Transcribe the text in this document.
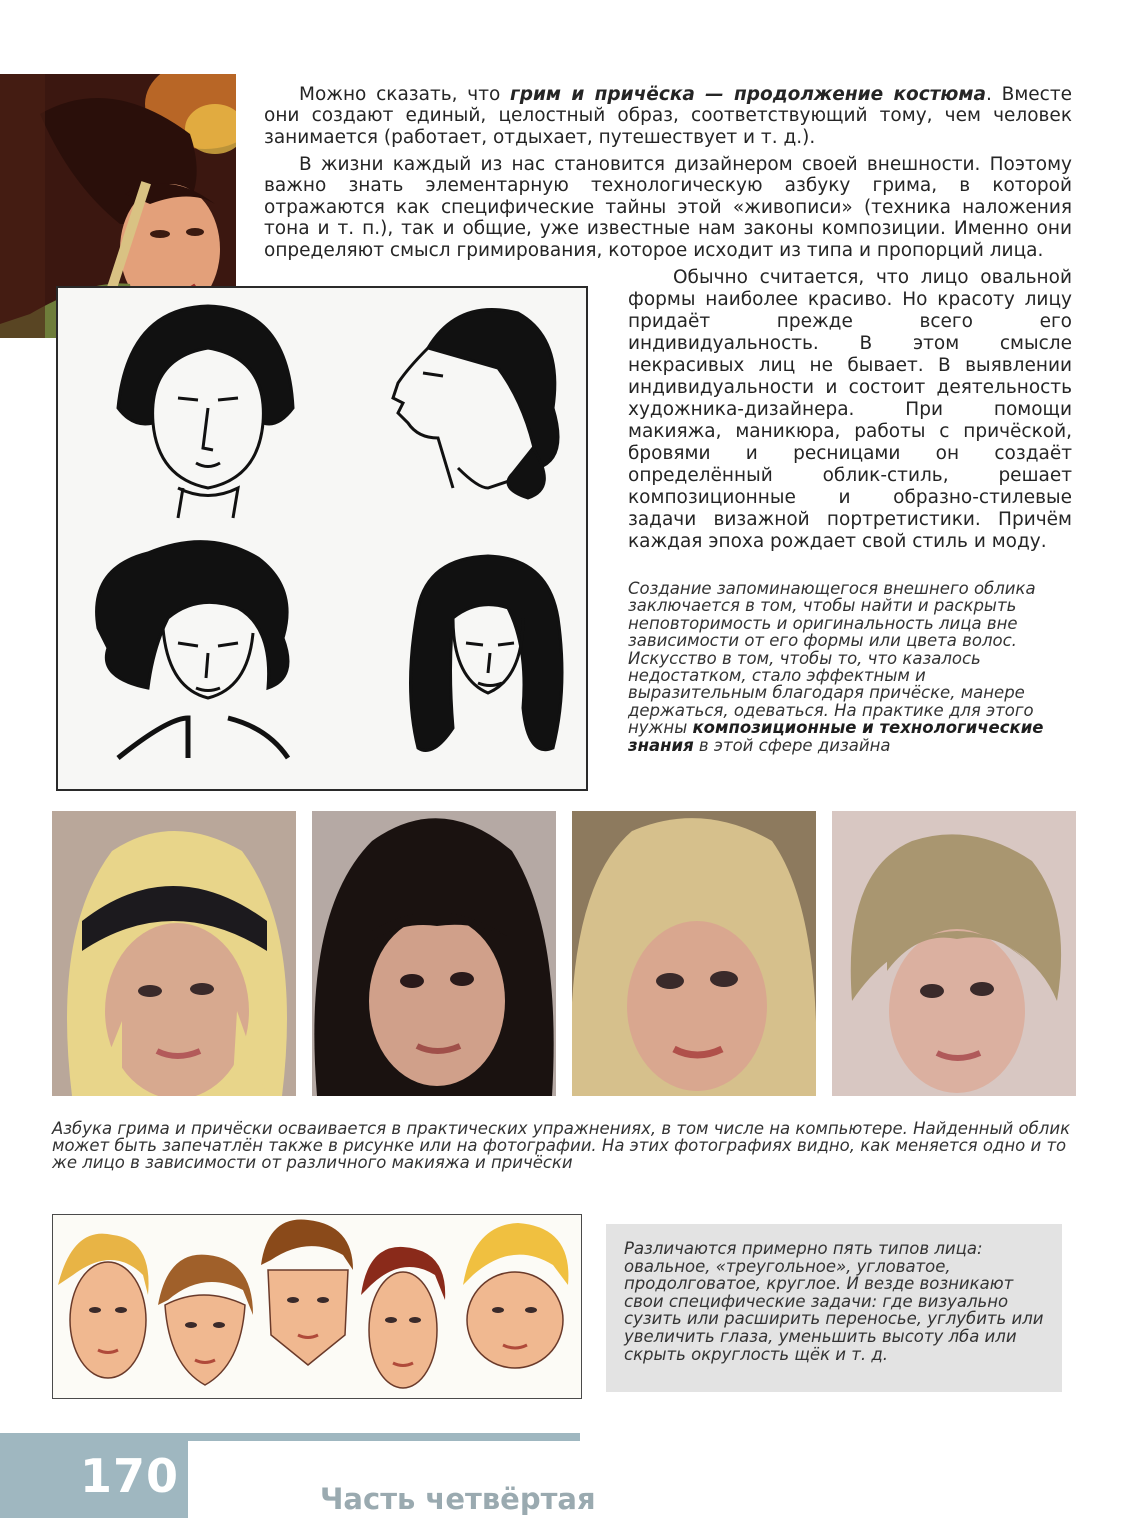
Можно сказать, что грим и причёска — продолжение костюма. Вместе они создают единый, целостный образ, соответствующий тому, чем человек занимается (работает, отдыхает, путешествует и т. д.).

В жизни каждый из нас становится дизайнером своей внешности. Поэтому важно знать элементарную технологическую азбуку грима, в которой отражаются как специфические тайны этой «живописи» (техника наложения тона и т. п.), так и общие, уже известные нам законы композиции. Именно они определяют смысл гримирования, которое исходит из типа и пропорций лица.

Обычно считается, что лицо овальной формы наиболее красиво. Но красоту лицу придаёт прежде всего его индивидуальность. В этом смысле некрасивых лиц не бывает. В выявлении индивидуальности и состоит деятельность художника-дизайнера. При помощи макияжа, маникюра, работы с причёской, бровями и ресницами он создаёт определённый облик-стиль, решает композиционные и образно-стилевые задачи визажной портретистики. Причём каждая эпоха рождает свой стиль и моду.

Создание запоминающегося внешнего облика заключается в том, чтобы найти и раскрыть неповторимость и оригинальность лица вне зависимости от его формы или цвета волос. Искусство в том, чтобы то, что казалось недостатком, стало эффектным и выразительным благодаря причёске, манере держаться, одеваться. На практике для этого нужны композиционные и технологические знания в этой сфере дизайна

Азбука грима и причёски осваивается в практических упражнениях, в том числе на компьютере. Найденный облик может быть запечатлён также в рисунке или на фотографии. На этих фотографиях видно, как меняется одно и то же лицо в зависимости от различного макияжа и причёски

Различаются примерно пять типов лица: овальное, «треугольное», угловатое, продолговатое, круглое. И везде возникают свои специфические задачи: где визуально сузить или расширить переносье, углубить или увеличить глаза, уменьшить высоту лба или скрыть округлость щёк и т. д.

170	Часть четвёртая
